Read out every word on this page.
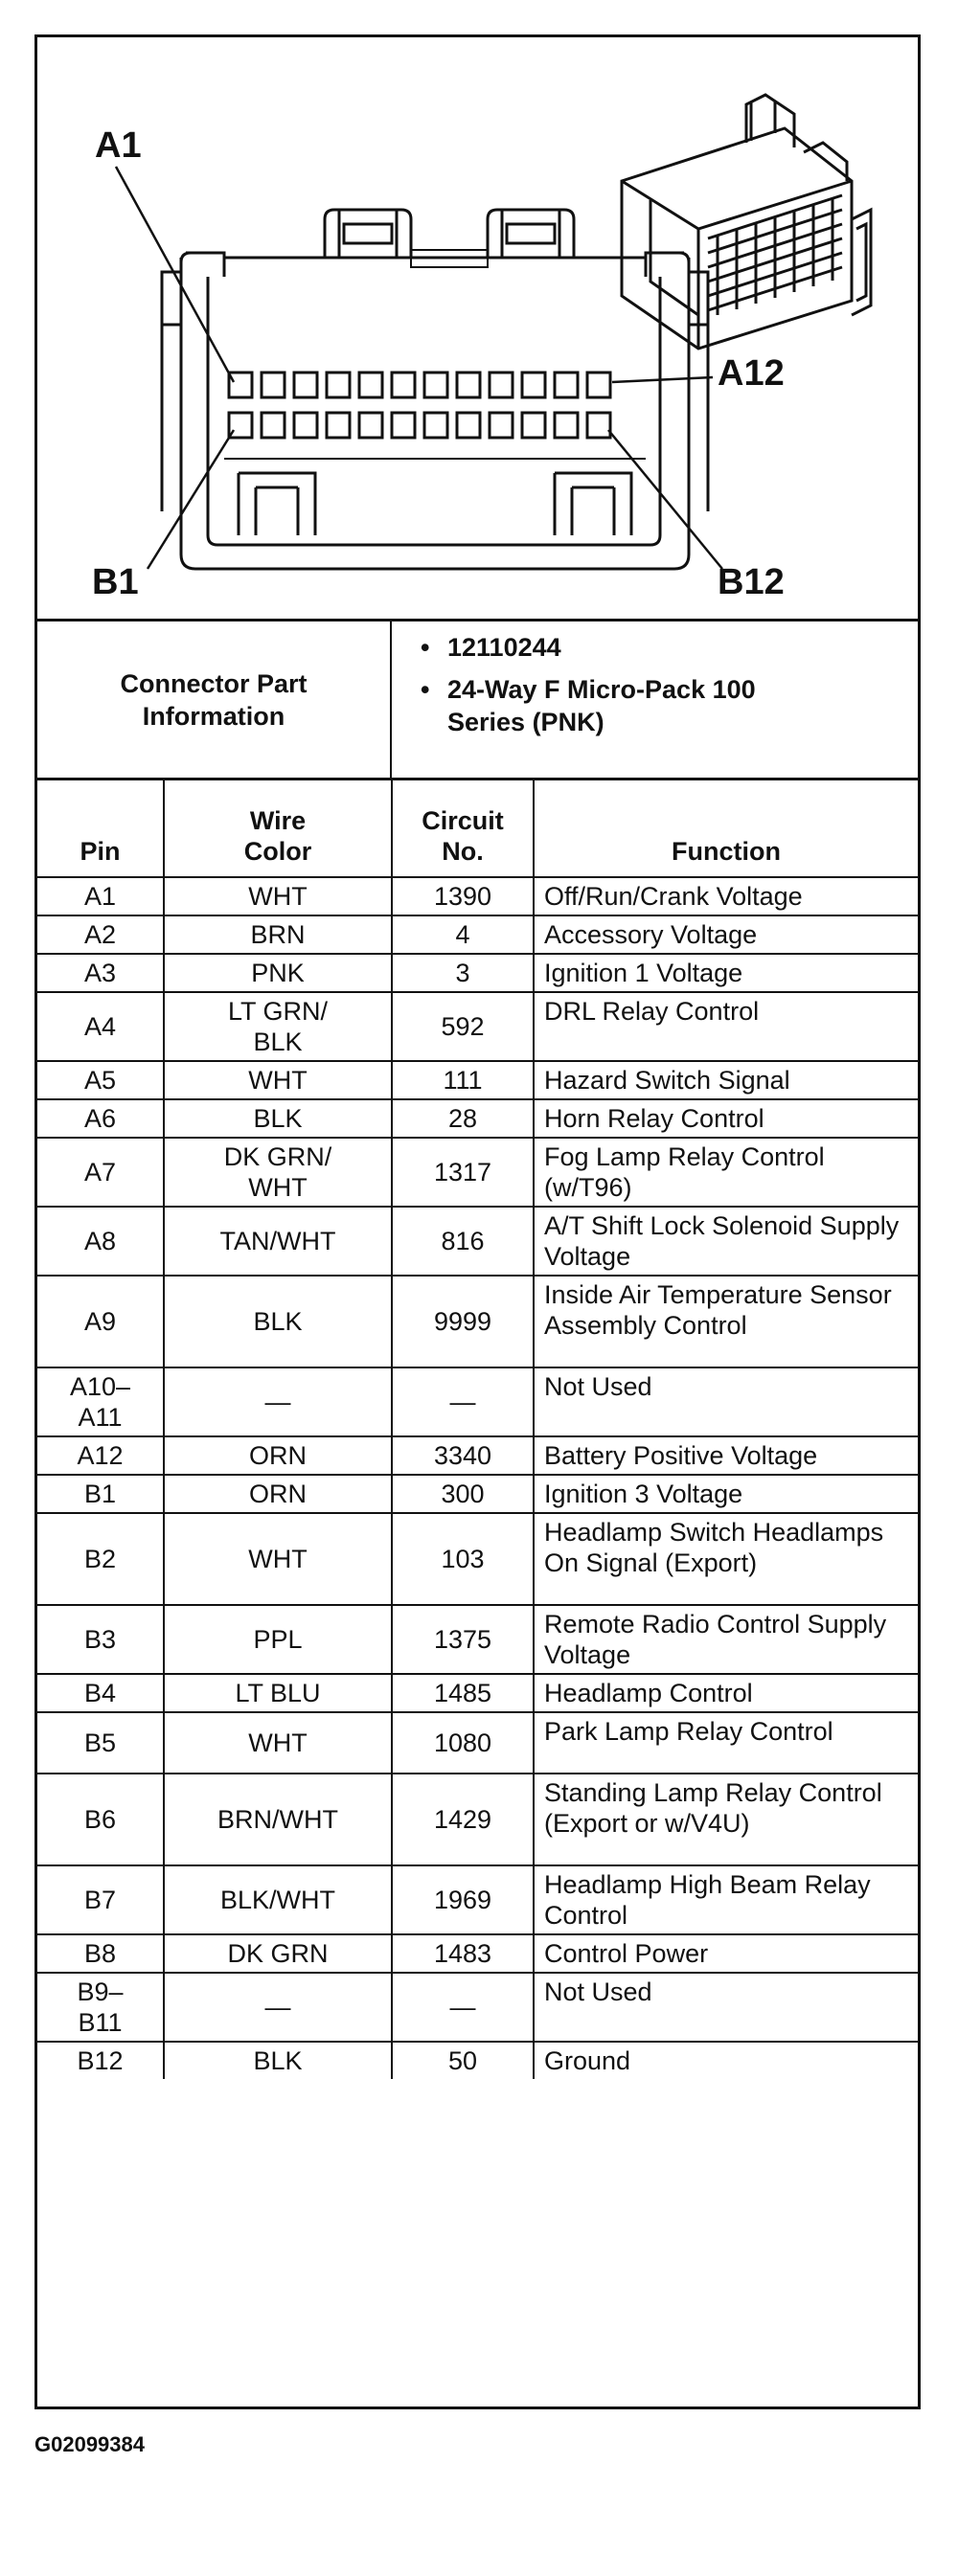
A1
A12
B1	B12
Connector Part Information
• 12110244
• 24-Way F Micro-Pack 100 Series (PNK)
Pin	Wire Color	Circuit No.	Function
A1	WHT	1390	Off/Run/Crank Voltage
A2	BRN	4	Accessory Voltage
A3	PNK	3	Ignition 1 Voltage
A4	LT GRN/ BLK	592	DRL Relay Control
A5	WHT	111	Hazard Switch Signal
A6	BLK	28	Horn Relay Control
A7	DK GRN/ WHT	1317	Fog Lamp Relay Control (w/T96)
A8	TAN/WHT	816	A/T Shift Lock Solenoid Supply Voltage
A9	BLK	9999	Inside Air Temperature Sensor Assembly Control
A10– A11	—	—	Not Used
A12	ORN	3340	Battery Positive Voltage
B1	ORN	300	Ignition 3 Voltage
B2	WHT	103	Headlamp Switch Headlamps On Signal (Export)
B3	PPL	1375	Remote Radio Control Supply Voltage
B4	LT BLU	1485	Headlamp Control
B5	WHT	1080	Park Lamp Relay Control
B6	BRN/WHT	1429	Standing Lamp Relay Control (Export or w/V4U)
B7	BLK/WHT	1969	Headlamp High Beam Relay Control
B8	DK GRN	1483	Control Power
B9– B11	—	—	Not Used
B12	BLK	50	Ground
G02099384
